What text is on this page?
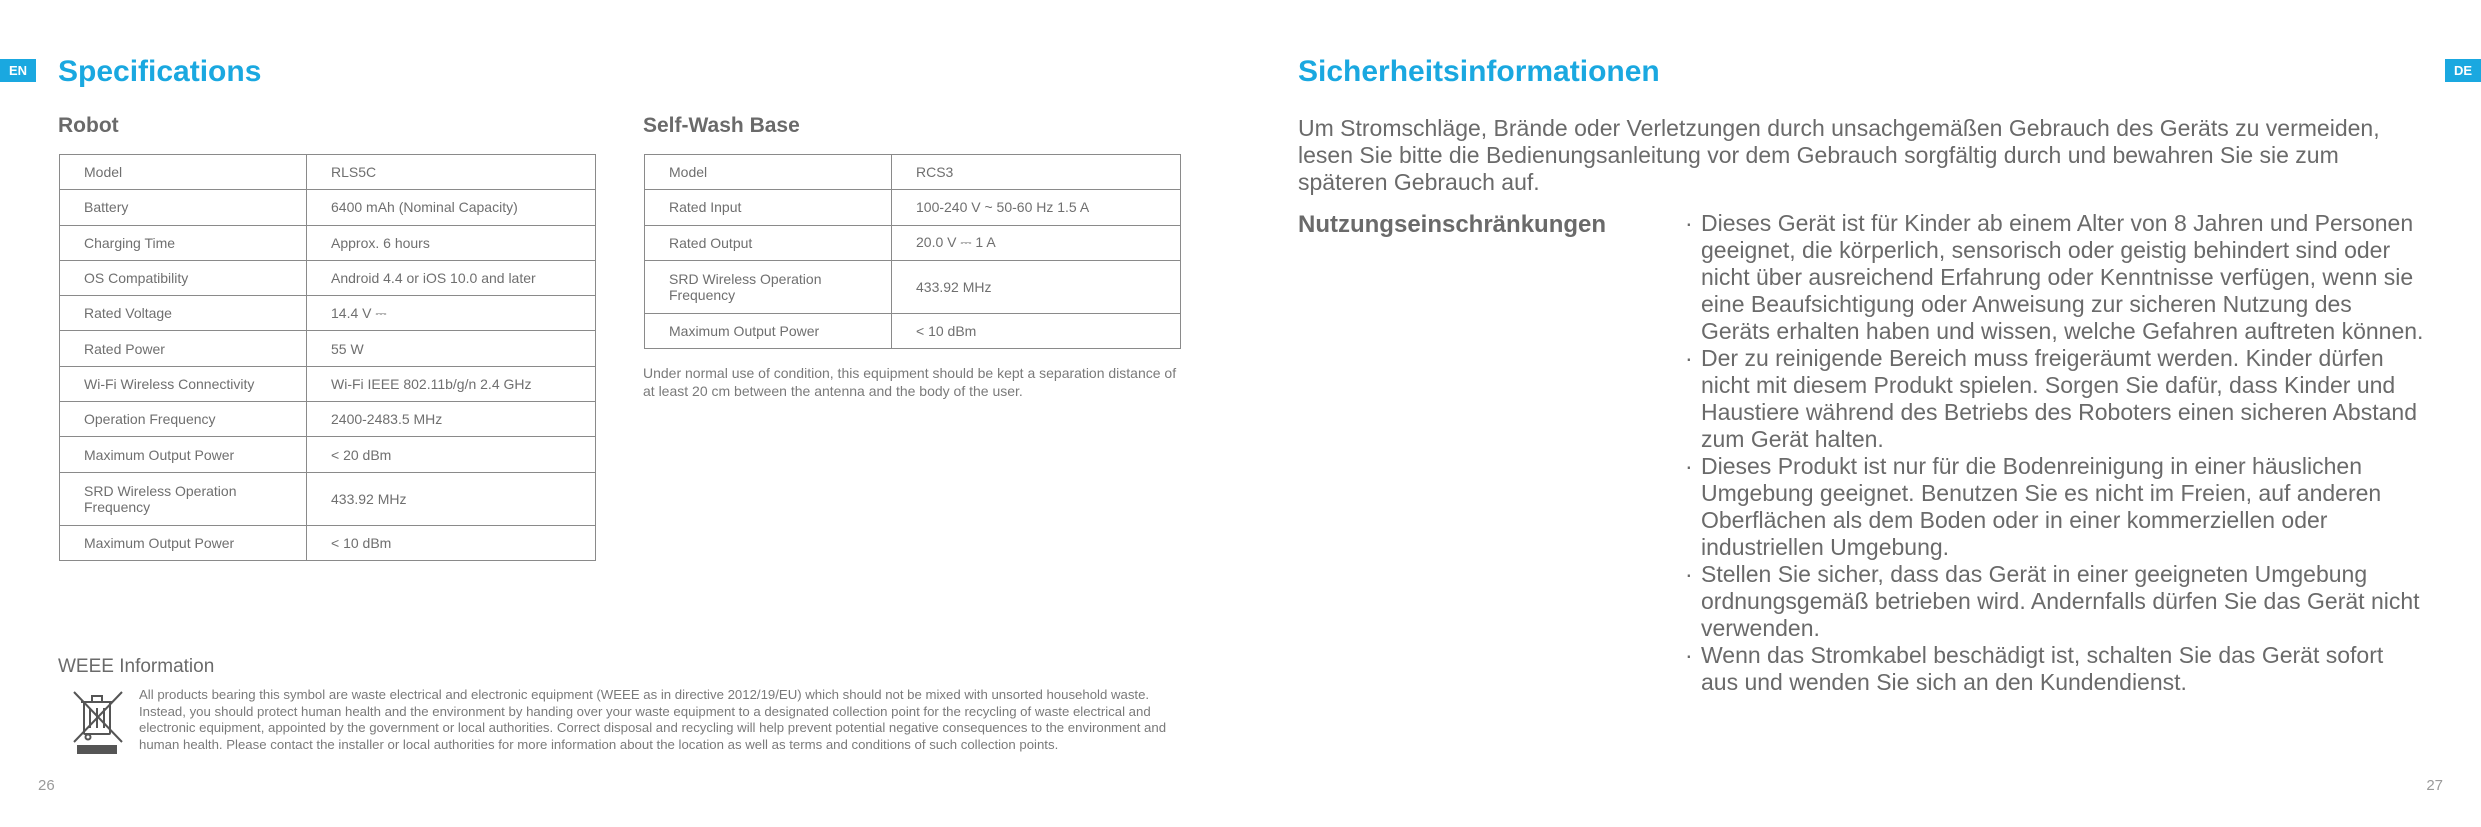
EN	DE
Specifications
Robot
Model	RLS5C
Battery	6400 mAh (Nominal Capacity)
Charging Time	Approx. 6 hours
OS Compatibility	Android 4.4 or iOS 10.0 and later
Rated Voltage	14.4 V ⎓
Rated Power	55 W
Wi-Fi Wireless Connectivity	Wi-Fi IEEE 802.11b/g/n 2.4 GHz
Operation Frequency	2400-2483.5 MHz
Maximum Output Power	< 20 dBm
SRD Wireless Operation Frequency	433.92 MHz
Maximum Output Power	< 10 dBm
Self-Wash Base
Model	RCS3
Rated Input	100-240 V ~ 50-60 Hz 1.5 A
Rated Output	20.0 V ⎓ 1 A
SRD Wireless Operation Frequency	433.92 MHz
Maximum Output Power	< 10 dBm
Under normal use of condition, this equipment should be kept a separation distance of at least 20 cm between the antenna and the body of the user.
WEEE Information
All products bearing this symbol are waste electrical and electronic equipment (WEEE as in directive 2012/19/EU) which should not be mixed with unsorted household waste. Instead, you should protect human health and the environment by handing over your waste equipment to a designated collection point for the recycling of waste electrical and electronic equipment, appointed by the government or local authorities. Correct disposal and recycling will help prevent potential negative consequences to the environment and human health. Please contact the installer or local authorities for more information about the location as well as terms and conditions of such collection points.
26
Sicherheitsinformationen
Um Stromschläge, Brände oder Verletzungen durch unsachgemäßen Gebrauch des Geräts zu vermeiden, lesen Sie bitte die Bedienungsanleitung vor dem Gebrauch sorgfältig durch und bewahren Sie sie zum späteren Gebrauch auf.
Nutzungseinschränkungen	· Dieses Gerät ist für Kinder ab einem Alter von 8 Jahren und Personen geeignet, die körperlich, sensorisch oder geistig behindert sind oder nicht über ausreichend Erfahrung oder Kenntnisse verfügen, wenn sie eine Beaufsichtigung oder Anweisung zur sicheren Nutzung des Geräts erhalten haben und wissen, welche Gefahren auftreten können.
· Der zu reinigende Bereich muss freigeräumt werden. Kinder dürfen nicht mit diesem Produkt spielen. Sorgen Sie dafür, dass Kinder und Haustiere während des Betriebs des Roboters einen sicheren Abstand zum Gerät halten.
· Dieses Produkt ist nur für die Bodenreinigung in einer häuslichen Umgebung geeignet. Benutzen Sie es nicht im Freien, auf anderen Oberflächen als dem Boden oder in einer kommerziellen oder industriellen Umgebung.
· Stellen Sie sicher, dass das Gerät in einer geeigneten Umgebung ordnungsgemäß betrieben wird. Andernfalls dürfen Sie das Gerät nicht verwenden.
· Wenn das Stromkabel beschädigt ist, schalten Sie das Gerät sofort aus und wenden Sie sich an den Kundendienst.
27
